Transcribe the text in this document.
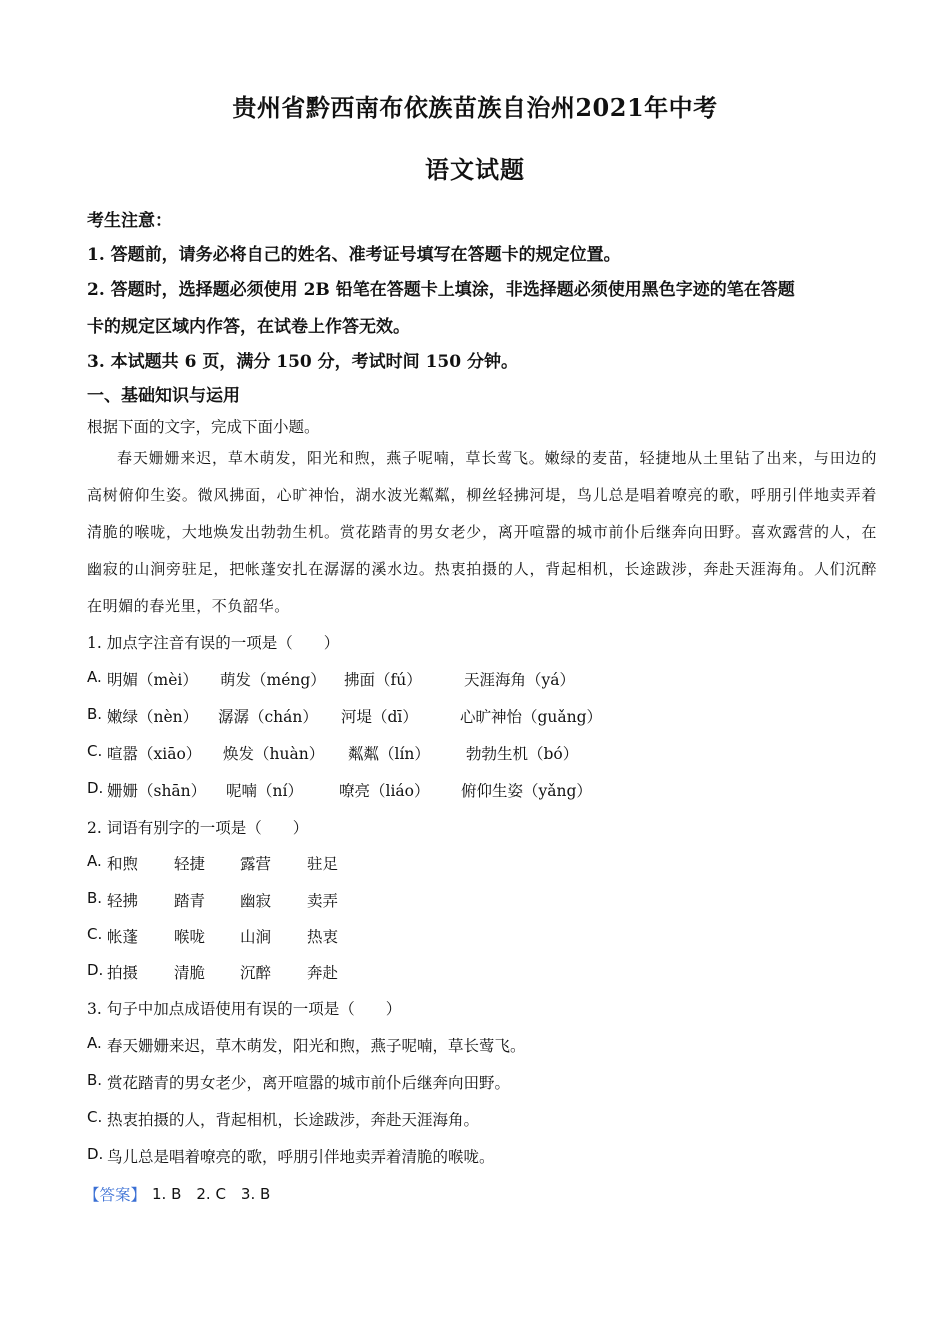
贵州省黔西南布依族苗族自治州2021年中考
语文试题
考生注意：
1. 答题前，请务必将自己的姓名、准考证号填写在答题卡的规定位置。
2. 答题时，选择题必须使用 2B 铅笔在答题卡上填涂，非选择题必须使用黑色字迹的笔在答题
卡的规定区域内作答，在试卷上作答无效。
3. 本试题共 6 页，满分 150 分，考试时间 150 分钟。
一、基础知识与运用
根据下面的文字，完成下面小题。
春天姗姗来迟，草木萌发，阳光和煦，燕子呢喃，草长莺飞。嫩绿的麦苗，轻捷地从土里钻了出来，与田边的高树俯仰生姿。微风拂面，心旷神怡，湖水波光粼粼，柳丝轻拂河堤，鸟儿总是唱着嘹亮的歌，呼朋引伴地卖弄着清脆的喉咙，大地焕发出勃勃生机。赏花踏青的男女老少，离开喧嚣的城市前仆后继奔向田野。喜欢露营的人，在幽寂的山涧旁驻足，把帐蓬安扎在潺潺的溪水边。热衷拍摄的人，背起相机，长途跋涉，奔赴天涯海角。人们沉醉在明媚的春光里，不负韶华。
1. 加点字注音有误的一项是（　　）
A. 明媚（mèi） 萌发（méng） 拂面（fú）	天涯海角（yá）
B. 嫩绿（nèn） 潺潺（chán） 河堤（dī）	心旷神怡（guǎng）
C. 喧嚣（xiāo） 焕发（huàn） 粼粼（lín） 勃勃生机（bó）
D. 姗姗（shān） 呢喃（ní） 嘹亮（liáo） 俯仰生姿（yǎng）
2. 词语有别字的一项是（　　）
A. 和煦 轻捷 露营 驻足
B. 轻拂 踏青 幽寂 卖弄
C. 帐蓬 喉咙 山涧 热衷
D. 拍摄 清脆 沉醉 奔赴
3. 句子中加点成语使用有误的一项是（　　）
A. 春天姗姗来迟，草木萌发，阳光和煦，燕子呢喃，草长莺飞。
B. 赏花踏青的男女老少，离开喧嚣的城市前仆后继奔向田野。
C. 热衷拍摄的人，背起相机，长途跋涉，奔赴天涯海角。
D. 鸟儿总是唱着嘹亮的歌，呼朋引伴地卖弄着清脆的喉咙。
【答案】 1. B　2. C　3. B
